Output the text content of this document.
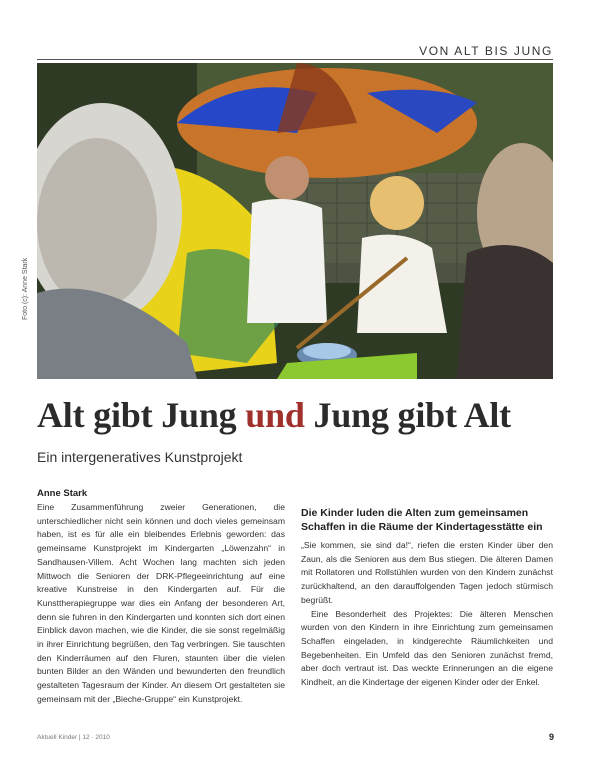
VON ALT BIS JUNG
Foto (c): Anne Stark
Alt gibt Jung und Jung gibt Alt
Ein intergeneratives Kunstprojekt
Anne Stark

Eine Zusammenführung zweier Generationen, die unterschiedlicher nicht sein können und doch vieles gemeinsam haben, ist es für alle ein bleibendes Erlebnis geworden: das gemeinsame Kunstprojekt im Kindergarten „Löwenzahn“ in Sandhausen-Villem. Acht Wochen lang machten sich jeden Mittwoch die Senioren der DRK-Pflegeeinrichtung auf eine kreative Kunstreise in den Kindergarten auf. Für die Kunsttherapiegruppe war dies ein Anfang der besonderen Art, denn sie fuhren in den Kindergarten und konnten sich dort einen Einblick davon machen, wie die Kinder, die sie sonst regelmäßig in ihrer Einrichtung begrüßen, den Tag verbringen. Sie tauschten den Kinderräumen auf den Fluren, staunten über die vielen bunten Bilder an den Wänden und bewunderten den freundlich gestalteten Tagesraum der Kinder. An diesem Ort gestalteten sie gemeinsam mit der „Bieche-Gruppe“ ein Kunstprojekt.

Die Kinder luden die Alten zum gemeinsamen Schaffen in die Räume der Kindertagesstätte ein

„Sie kommen, sie sind da!“, riefen die ersten Kinder über den Zaun, als die Senioren aus dem Bus stiegen. Die älteren Damen mit Rollatoren und Rollstühlen wurden von den Kindern zunächst zurückhaltend, an den darauffolgenden Tagen jedoch stürmisch begrüßt.

Eine Besonderheit des Projektes: Die älteren Menschen wurden von den Kindern in ihre Einrichtung zum gemeinsamen Schaffen eingeladen, in kindgerechte Räumlichkeiten und Begebenheiten. Ein Umfeld das den Senioren zunächst fremd, aber doch vertraut ist. Das weckte Erinnerungen an die eigene Kindheit, an die Kindertage der eigenen Kinder oder der Enkel.

Aktuell Kinder | 12 · 2010	9
